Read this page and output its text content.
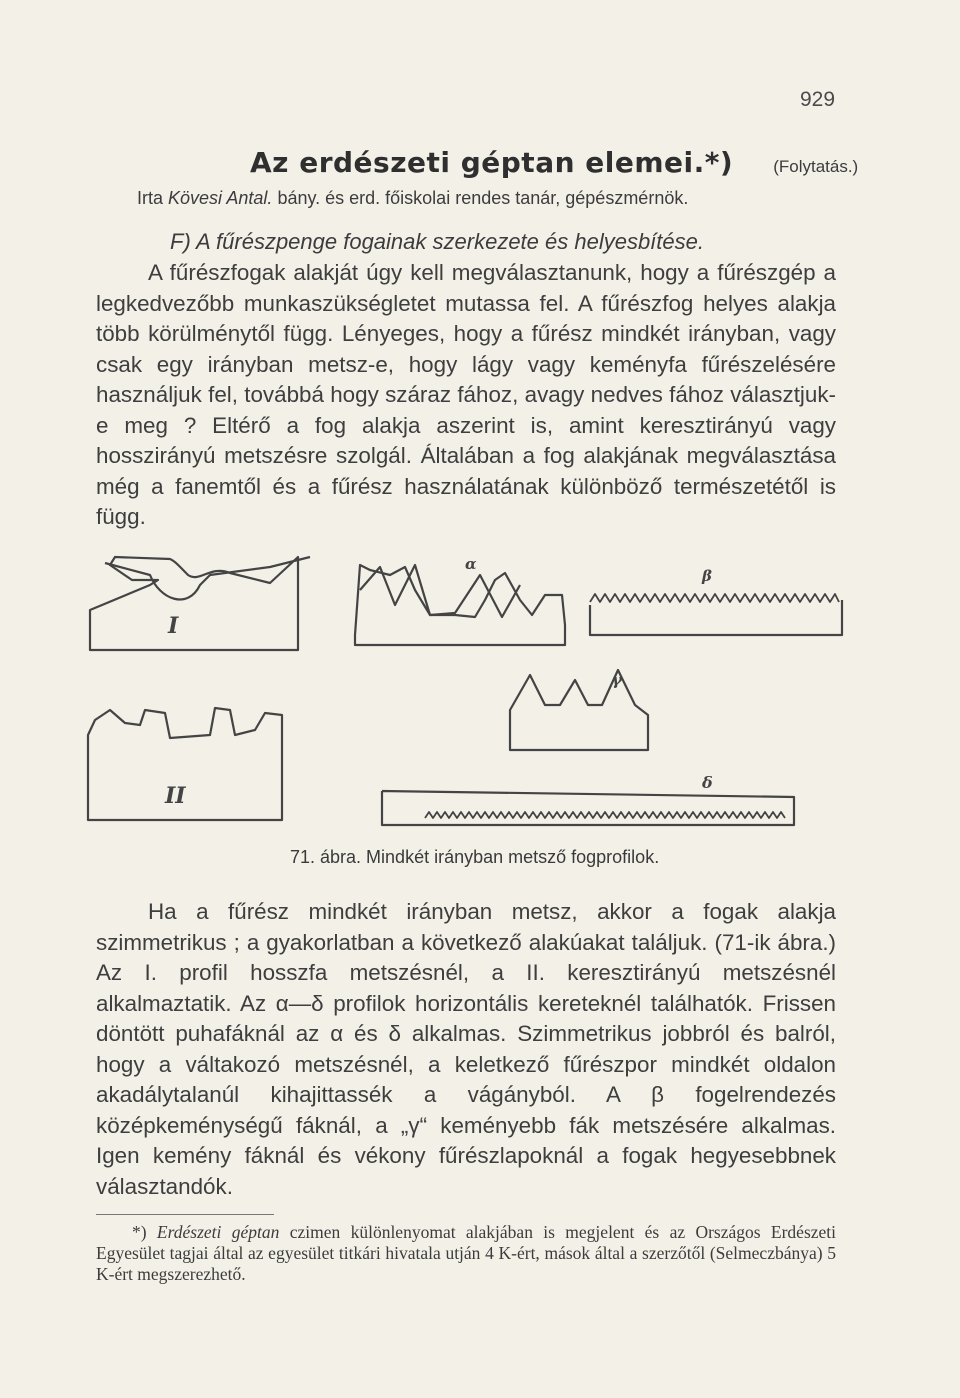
929
Az erdészeti géptan elemei.*) (Folytatás.)
Irta Kövesi Antal. bány. és erd. főiskolai rendes tanár, gépészmérnök.
F) A fűrészpenge fogainak szerkezete és helyesbítése.

A fűrészfogak alakját úgy kell megválasztanunk, hogy a fűrészgép a legkedvezőbb munkaszükségletet mutassa fel. A fűrészfog helyes alakja több körülménytől függ. Lényeges, hogy a fűrész mindkét irányban, vagy csak egy irányban metsz-e, hogy lágy vagy keményfa fűrészelésére használjuk fel, továbbá hogy száraz fához, avagy nedves fához választjuk-e meg ? Eltérő a fog alakja aszerint is, amint keresztirányú vagy hosszirányú metszésre szolgál. Általában a fog alakjának megválasztása még a fanemtől és a fűrész használatának különböző természetétől is függ.

I
II
α
β
γ
δ
71. ábra. Mindkét irányban metsző fogprofilok.

Ha a fűrész mindkét irányban metsz, akkor a fogak alakja szimmetrikus ; a gyakorlatban a következő alakúakat találjuk. (71-ik ábra.) Az I. profil hosszfa metszésnél, a II. keresztirányú metszésnél alkalmaztatik. Az α—δ profilok horizontális kereteknél találhatók. Frissen döntött puhafáknál az α és δ alkalmas. Szimmetrikus jobbról és balról, hogy a váltakozó metszésnél, a keletkező fűrészpor mindkét oldalon akadálytalanúl kihajittassék a vágányból. A β fogelrendezés középkeménységű fáknál, a „γ“ keményebb fák metszésére alkalmas. Igen kemény fáknál és vékony fűrészlapoknál a fogak hegyesebbnek választandók.

*) Erdészeti géptan czimen különlenyomat alakjában is megjelent és az Országos Erdészeti Egyesület tagjai által az egyesület titkári hivatala utján 4 K-ért, mások által a szerzőtől (Selmeczbánya) 5 K-ért megszerezhető.
